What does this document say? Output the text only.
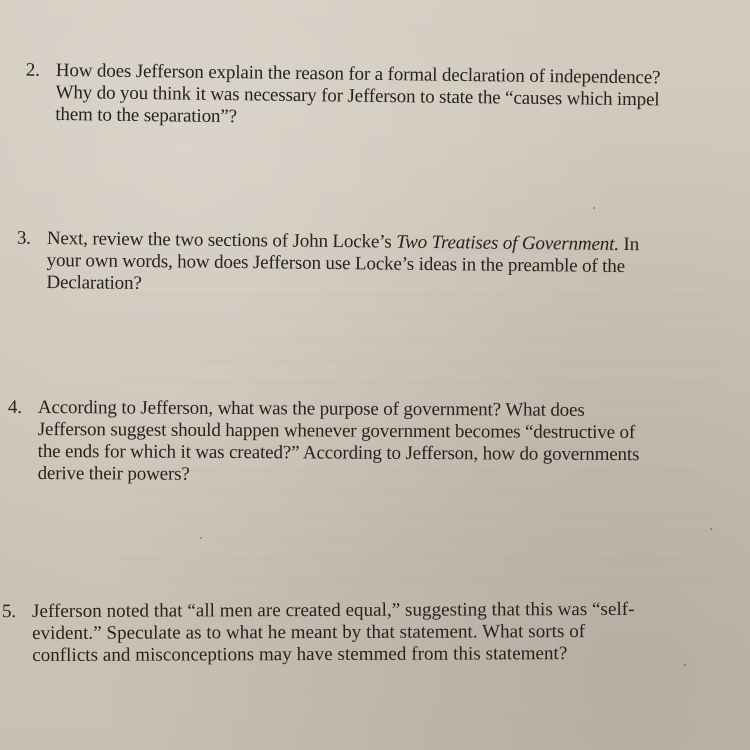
2. How does Jefferson explain the reason for a formal declaration of independence?
Why do you think it was necessary for Jefferson to state the “causes which impel
them to the separation”?
3. Next, review the two sections of John Locke’s Two Treatises of Government. In
your own words, how does Jefferson use Locke’s ideas in the preamble of the
Declaration?
4. According to Jefferson, what was the purpose of government? What does
Jefferson suggest should happen whenever government becomes “destructive of
the ends for which it was created?” According to Jefferson, how do governments
derive their powers?
5. Jefferson noted that “all men are created equal,” suggesting that this was “self-
evident.” Speculate as to what he meant by that statement. What sorts of
conflicts and misconceptions may have stemmed from this statement?
